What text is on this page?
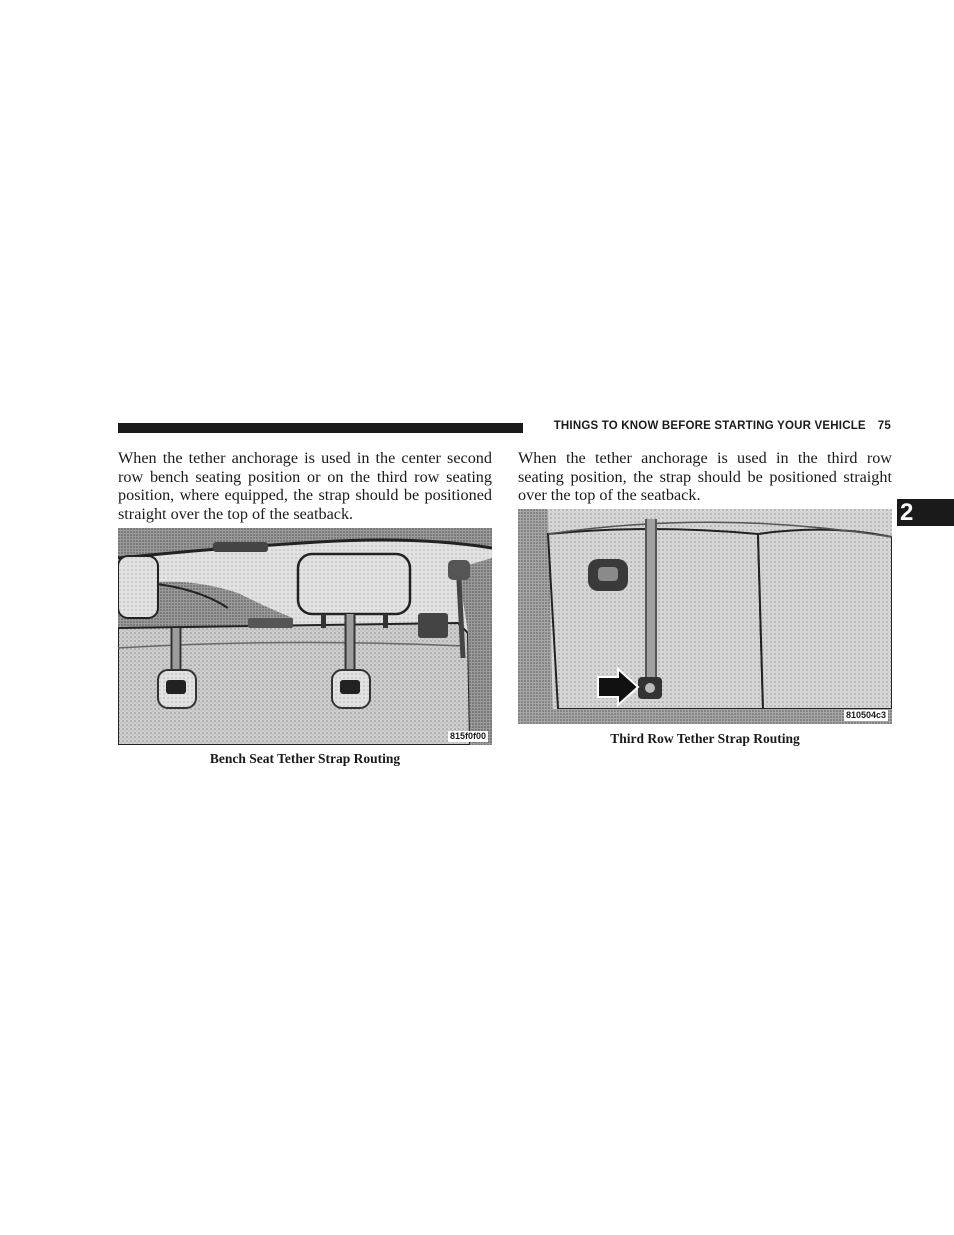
THINGS TO KNOW BEFORE STARTING YOUR VEHICLE 75
2

When the tether anchorage is used in the center second row bench seating position or on the third row seating position, where equipped, the strap should be positioned straight over the top of the seatback.

When the tether anchorage is used in the third row seating position, the strap should be positioned straight over the top of the seatback.

815f0f00
810504c3
Bench Seat Tether Strap Routing
Third Row Tether Strap Routing
